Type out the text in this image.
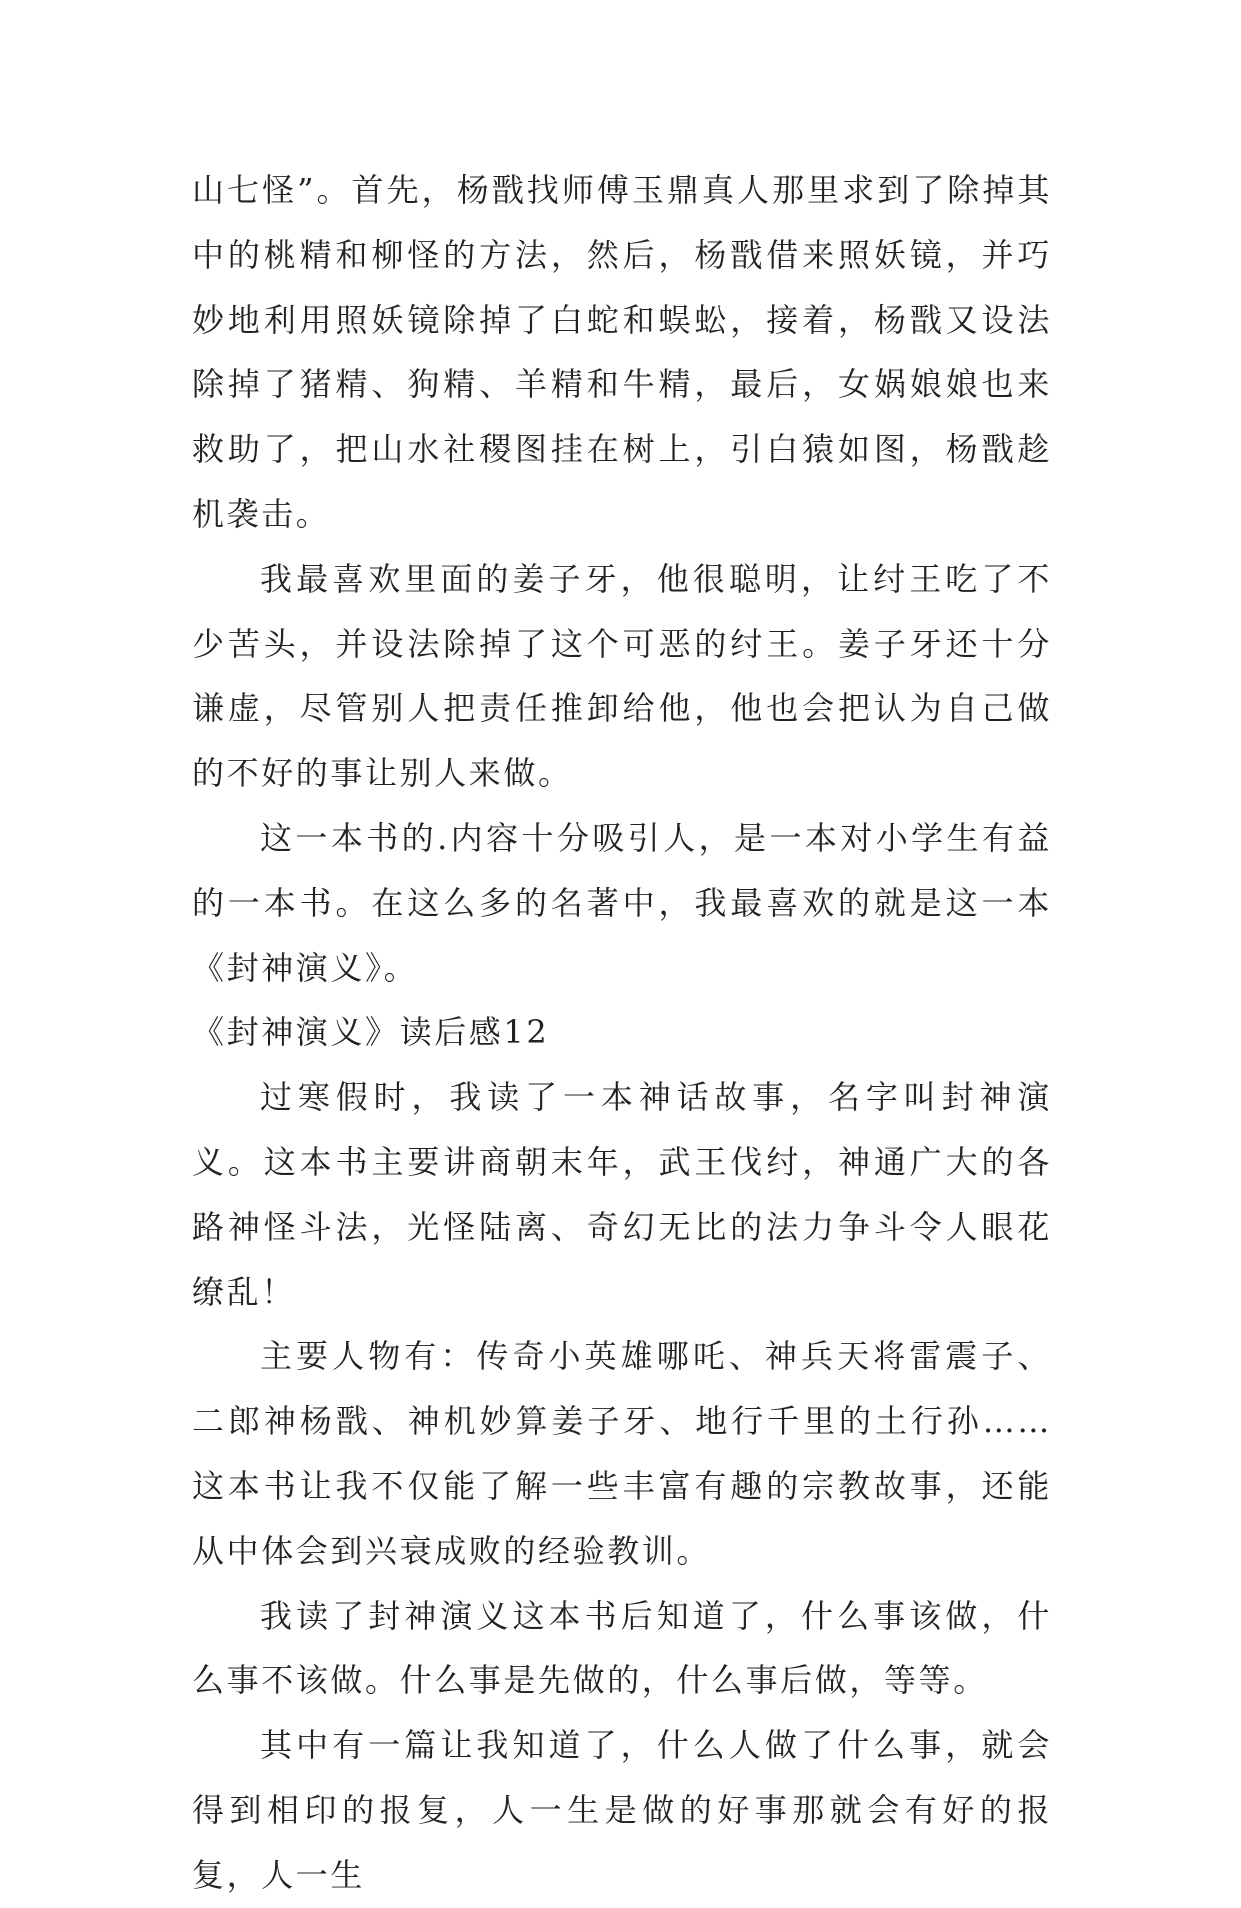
山七怪”。首先，杨戬找师傅玉鼎真人那里求到了除掉其中的桃精和柳怪的方法，然后，杨戬借来照妖镜，并巧妙地利用照妖镜除掉了白蛇和蜈蚣，接着，杨戬又设法除掉了猪精、狗精、羊精和牛精，最后，女娲娘娘也来救助了，把山水社稷图挂在树上，引白猿如图，杨戬趁机袭击。

我最喜欢里面的姜子牙，他很聪明，让纣王吃了不少苦头，并设法除掉了这个可恶的纣王。姜子牙还十分谦虚，尽管别人把责任推卸给他，他也会把认为自己做的不好的事让别人来做。

这一本书的.内容十分吸引人，是一本对小学生有益的一本书。在这么多的名著中，我最喜欢的就是这一本《封神演义》。

《封神演义》读后感12

过寒假时，我读了一本神话故事，名字叫封神演义。这本书主要讲商朝末年，武王伐纣，神通广大的各路神怪斗法，光怪陆离、奇幻无比的法力争斗令人眼花缭乱！

主要人物有：传奇小英雄哪吒、神兵天将雷震子、二郎神杨戬、神机妙算姜子牙、地行千里的土行孙……这本书让我不仅能了解一些丰富有趣的宗教故事，还能从中体会到兴衰成败的经验教训。

我读了封神演义这本书后知道了，什么事该做，什么事不该做。什么事是先做的，什么事后做，等等。

其中有一篇让我知道了，什么人做了什么事，就会得到相印的报复，人一生是做的好事那就会有好的报复，人一生
